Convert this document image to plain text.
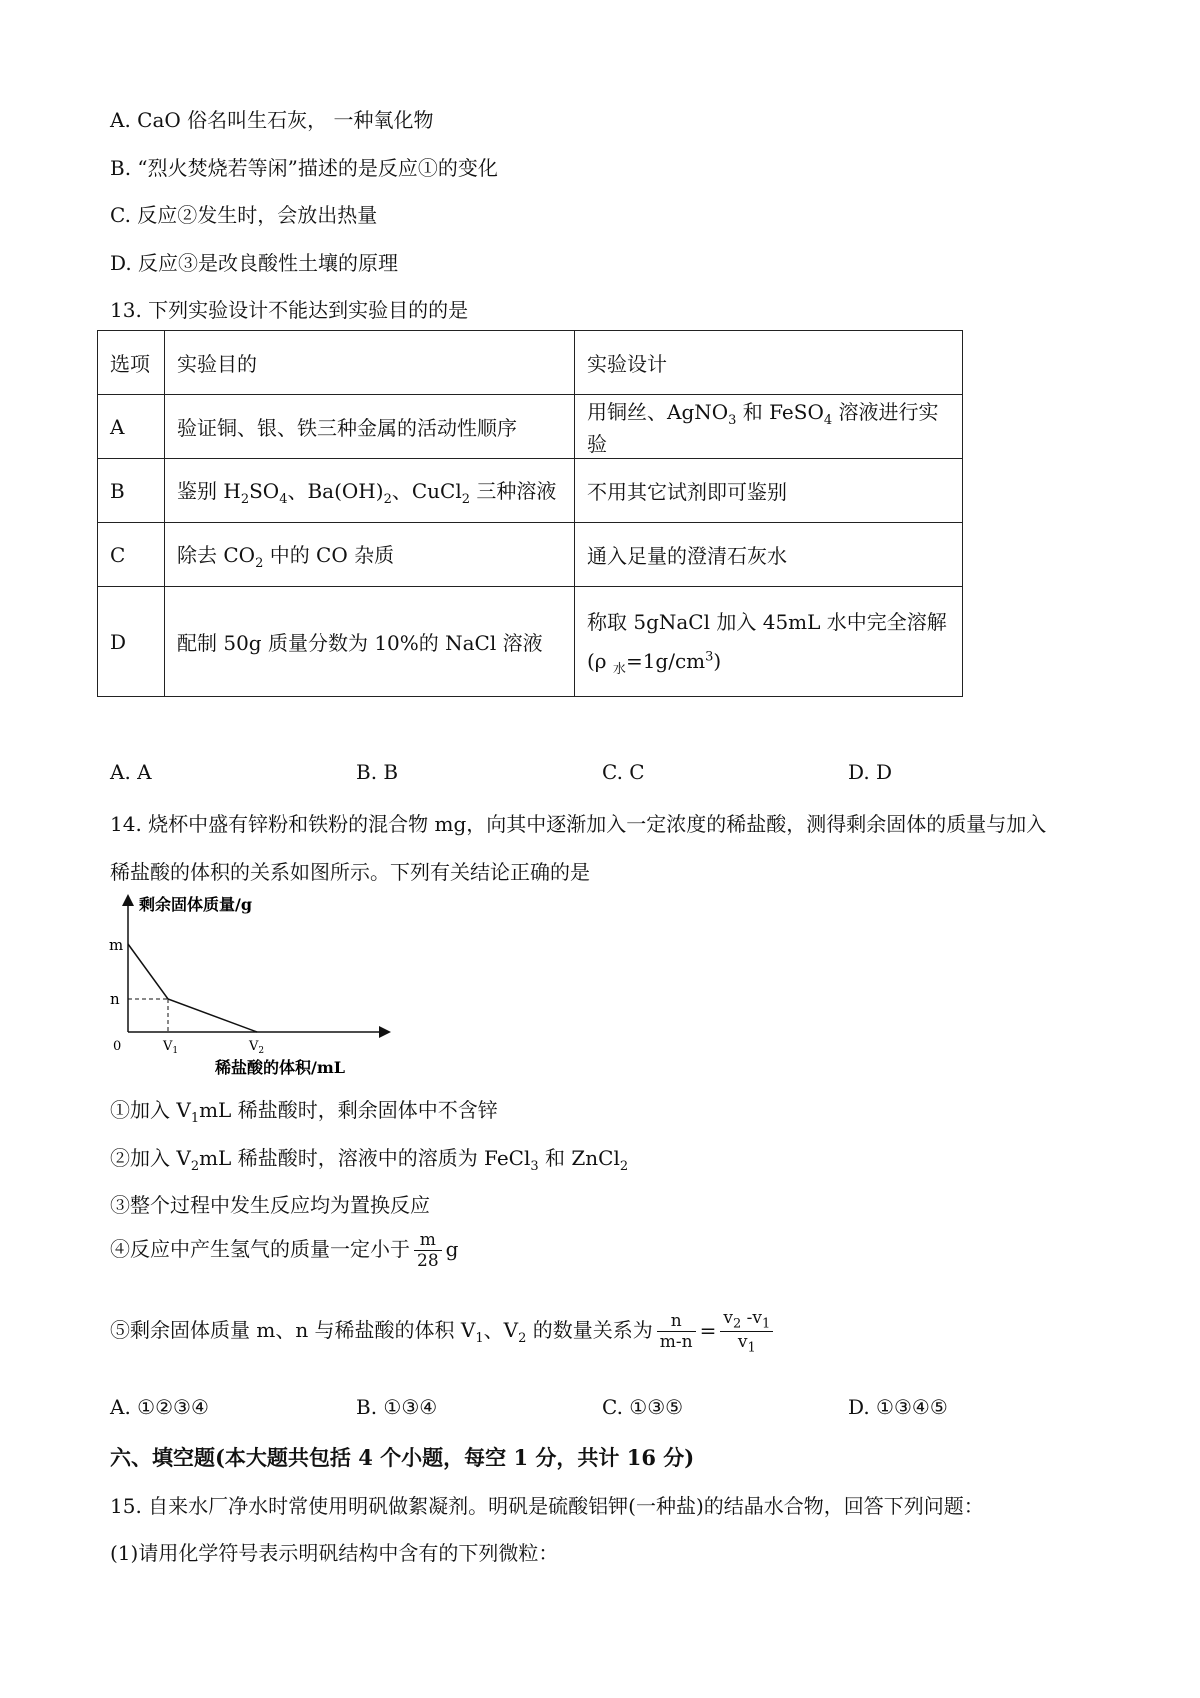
A. CaO 俗名叫生石灰， 一种氧化物
B. “烈火焚烧若等闲”描述的是反应①的变化
C. 反应②发生时，会放出热量
D. 反应③是改良酸性土壤的原理
13. 下列实验设计不能达到实验目的的是
选项	实验目的	实验设计
A	验证铜、银、铁三种金属的活动性顺序	用铜丝、AgNO$_3$ 和 FeSO$_4$ 溶液进行实验
B	鉴别 $H_2SO_4$、$Ba(OH)_2$、CuCl$_2$ 三种溶液	不用其它试剂即可鉴别
C	除去 $CO_2$ 中的 CO 杂质	通入足量的澄清石灰水
D	配制 50g 质量分数为 10%的 NaCl 溶液	称取 5gNaCl 加入 45mL 水中完全溶解
(ρ $_水=1g/cm^3$)
A. A	B. B	C. C	D. D
14. 烧杯中盛有锌粉和铁粉的混合物 mg，向其中逐渐加入一定浓度的稀盐酸，测得剩余固体的质量与加入
稀盐酸的体积的关系如图所示。下列有关结论正确的是
剩余固体质量/g
m
n
0	$V_1$	$V_2$
稀盐酸的体积/mL
①加入 $V_1mL$ 稀盐酸时，剩余固体中不含锌
②加入 $V_2mL$ 稀盐酸时，溶液中的溶质为 FeCl$_3$ 和 ZnCl$_2$
③整个过程中发生反应均为置换反应
④反应中产生氢气的质量一定小于 $\frac{m}{28}$ g
⑤剩余固体质量 m、n 与稀盐酸的体积 $V_1$、$V_2$ 的数量关系为 $\frac{n}{m-n} = \frac{v_2 -v_1}{v_1}$
A. ①②③④	B. ①③④	C. ①③⑤	D. ①③④⑤
六、填空题(本大题共包括 4 个小题，每空 1 分，共计 16 分)
15. 自来水厂净水时常使用明矾做絮凝剂。明矾是硫酸铝钾(一种盐)的结晶水合物，回答下列问题：
(1)请用化学符号表示明矾结构中含有的下列微粒：
